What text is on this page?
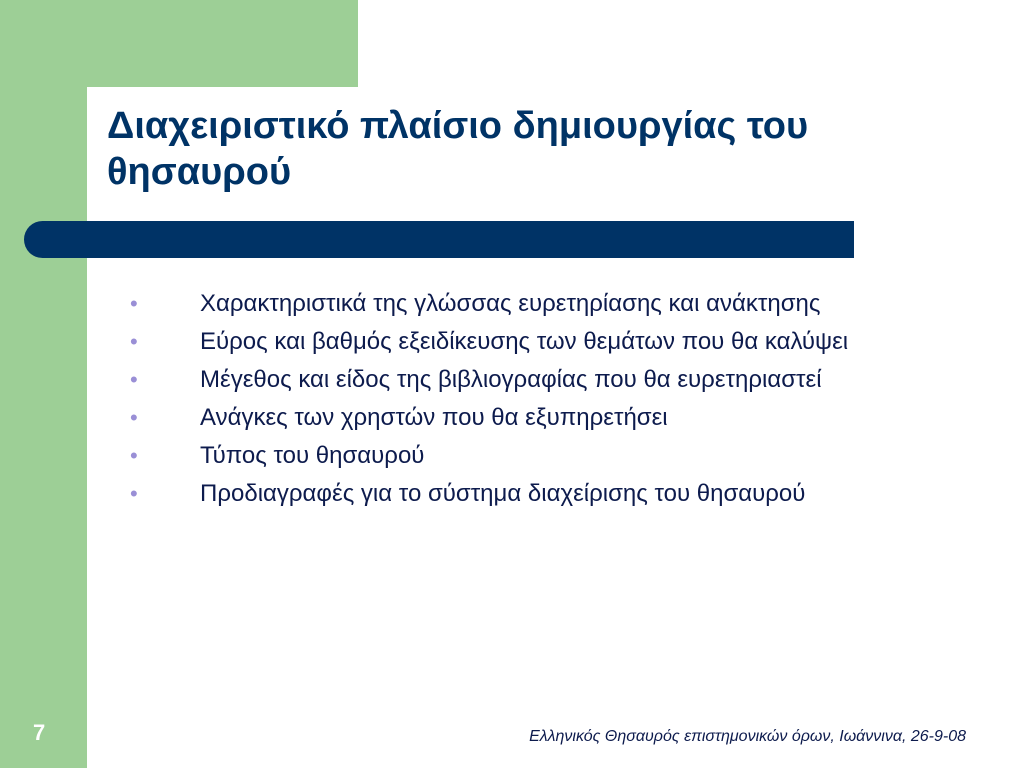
Διαχειριστικό πλαίσιο δημιουργίας του
θησαυρού
•	Χαρακτηριστικά της γλώσσας ευρετηρίασης και ανάκτησης
•	Εύρος και βαθμός εξειδίκευσης των θεμάτων που θα καλύψει
•	Μέγεθος και είδος της βιβλιογραφίας που θα ευρετηριαστεί
•	Ανάγκες των χρηστών που θα εξυπηρετήσει
•	Τύπος του θησαυρού
•	Προδιαγραφές για το σύστημα διαχείρισης του θησαυρού
7	Ελληνικός Θησαυρός επιστημονικών όρων, Ιωάννινα, 26-9-08
